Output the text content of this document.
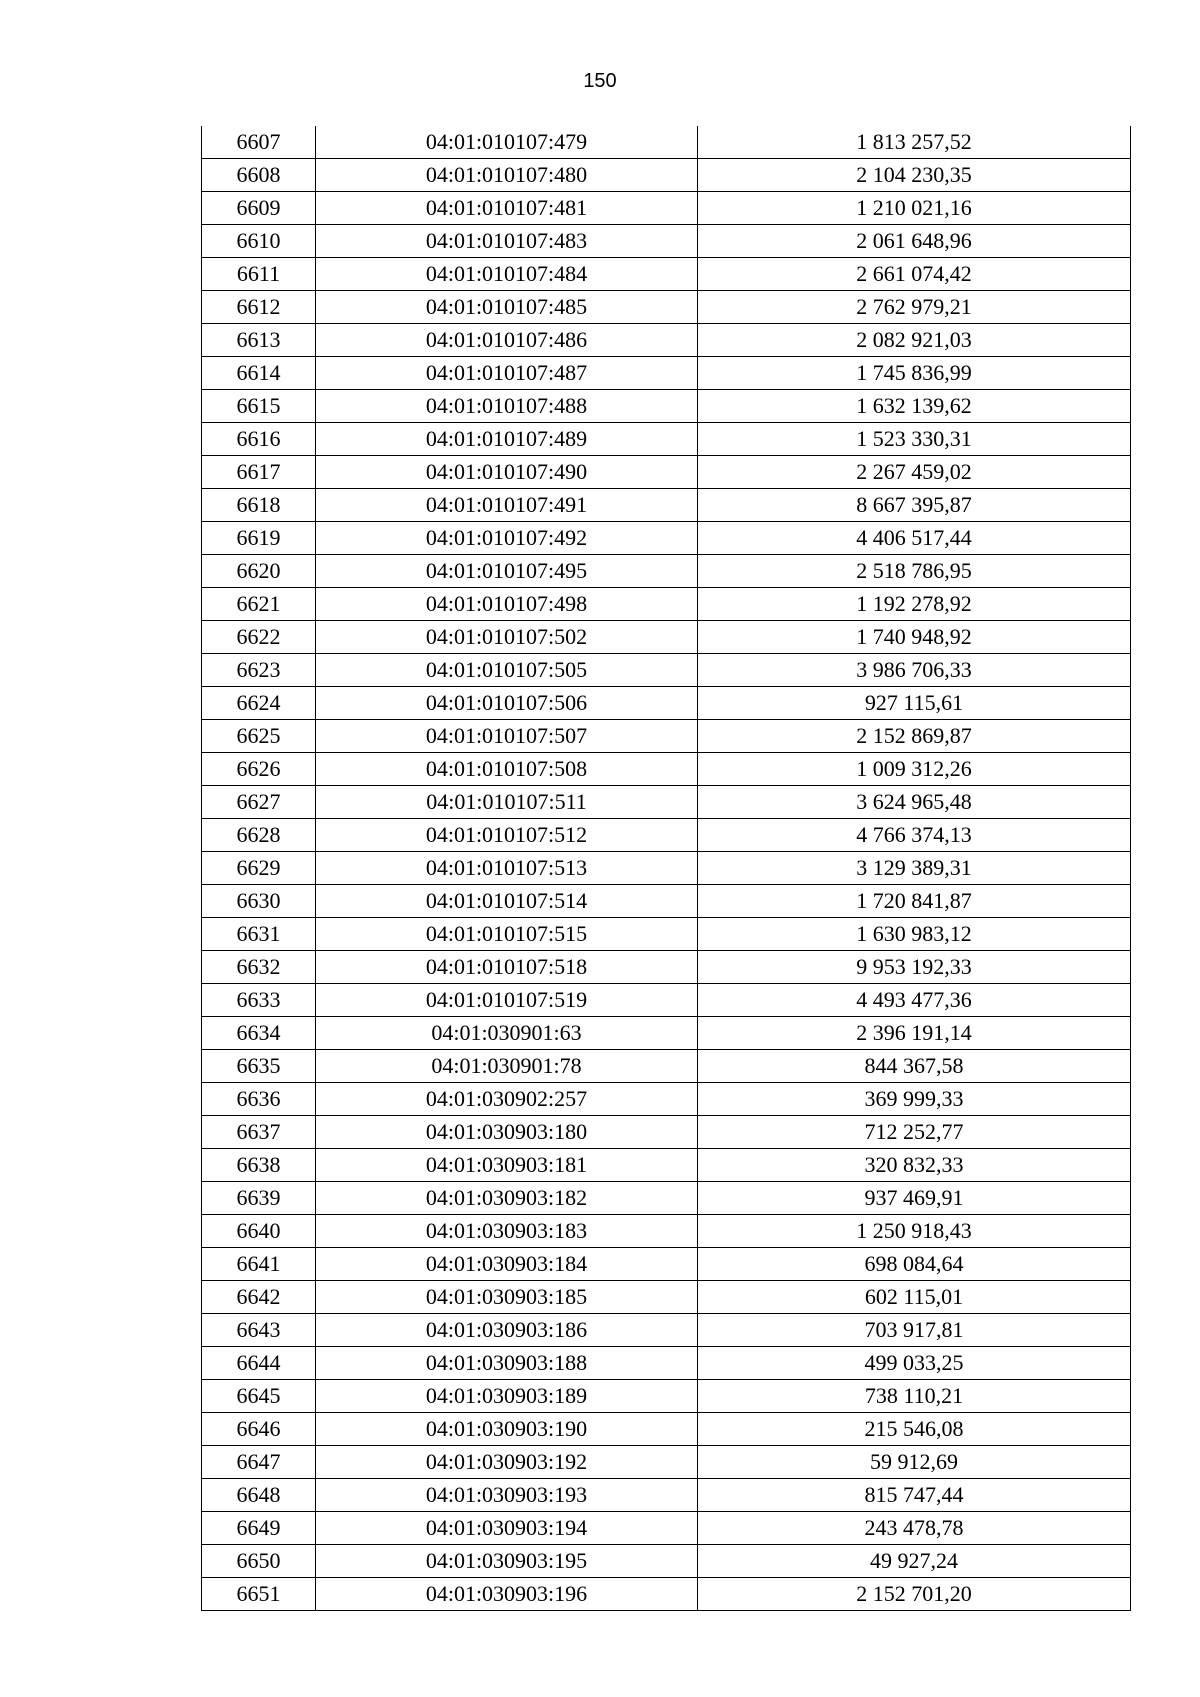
150
6607	04:01:010107:479	1 813 257,52
6608	04:01:010107:480	2 104 230,35
6609	04:01:010107:481	1 210 021,16
6610	04:01:010107:483	2 061 648,96
6611	04:01:010107:484	2 661 074,42
6612	04:01:010107:485	2 762 979,21
6613	04:01:010107:486	2 082 921,03
6614	04:01:010107:487	1 745 836,99
6615	04:01:010107:488	1 632 139,62
6616	04:01:010107:489	1 523 330,31
6617	04:01:010107:490	2 267 459,02
6618	04:01:010107:491	8 667 395,87
6619	04:01:010107:492	4 406 517,44
6620	04:01:010107:495	2 518 786,95
6621	04:01:010107:498	1 192 278,92
6622	04:01:010107:502	1 740 948,92
6623	04:01:010107:505	3 986 706,33
6624	04:01:010107:506	927 115,61
6625	04:01:010107:507	2 152 869,87
6626	04:01:010107:508	1 009 312,26
6627	04:01:010107:511	3 624 965,48
6628	04:01:010107:512	4 766 374,13
6629	04:01:010107:513	3 129 389,31
6630	04:01:010107:514	1 720 841,87
6631	04:01:010107:515	1 630 983,12
6632	04:01:010107:518	9 953 192,33
6633	04:01:010107:519	4 493 477,36
6634	04:01:030901:63	2 396 191,14
6635	04:01:030901:78	844 367,58
6636	04:01:030902:257	369 999,33
6637	04:01:030903:180	712 252,77
6638	04:01:030903:181	320 832,33
6639	04:01:030903:182	937 469,91
6640	04:01:030903:183	1 250 918,43
6641	04:01:030903:184	698 084,64
6642	04:01:030903:185	602 115,01
6643	04:01:030903:186	703 917,81
6644	04:01:030903:188	499 033,25
6645	04:01:030903:189	738 110,21
6646	04:01:030903:190	215 546,08
6647	04:01:030903:192	59 912,69
6648	04:01:030903:193	815 747,44
6649	04:01:030903:194	243 478,78
6650	04:01:030903:195	49 927,24
6651	04:01:030903:196	2 152 701,20
